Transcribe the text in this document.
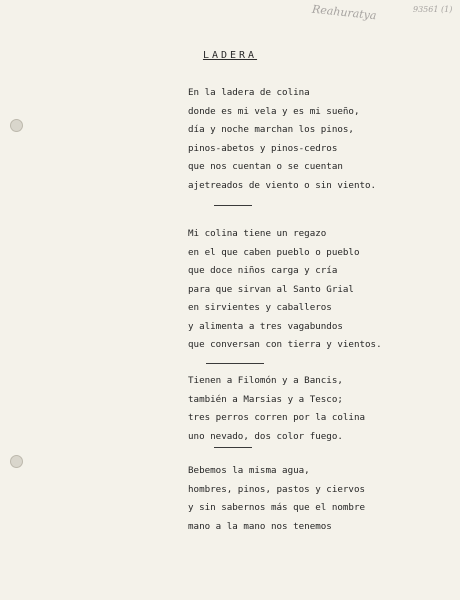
Reahuratya	93561 (1)
LADERA
En la ladera de colina
donde es mi vela y es mi sueño,
día y noche marchan los pinos,
pinos-abetos y pinos-cedros
que nos cuentan o se cuentan
ajetreados de viento o sin viento.
Mi colina tiene un regazo
en el que caben pueblo o pueblo
que doce niños carga y cría
para que sirvan al Santo Grial
en sirvientes y caballeros
y alimenta a tres vagabundos
que conversan con tierra y vientos.
Tienen a Filomón y a Bancis,
también a Marsias y a Tesco;
tres perros corren por la colina
uno nevado, dos color fuego.
Bebemos la misma agua,
hombres, pinos, pastos y ciervos
y sin sabernos más que el nombre
mano a la mano nos tenemos
